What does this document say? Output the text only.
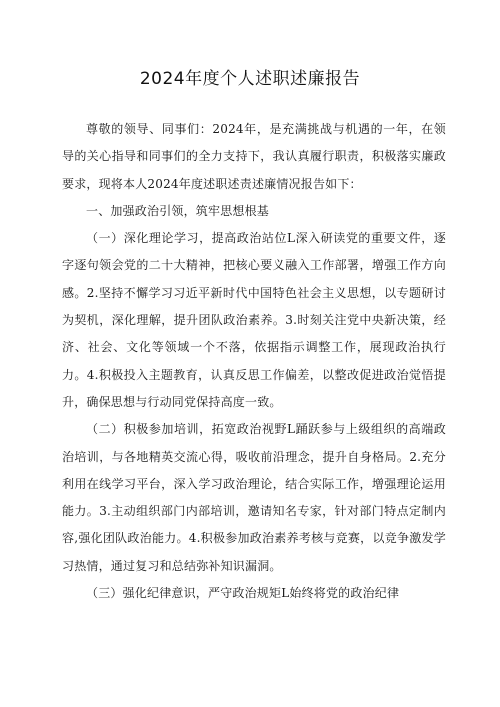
2024年度个人述职述廉报告

尊敬的领导、同事们：2024年，是充满挑战与机遇的一年，在领导的关心指导和同事们的全力支持下，我认真履行职责，积极落实廉政要求，现将本人2024年度述职述责述廉情况报告如下：

一、加强政治引领，筑牢思想根基

（一）深化理论学习，提高政治站位L深入研读党的重要文件，逐字逐句领会党的二十大精神，把核心要义融入工作部署，增强工作方向感。2.坚持不懈学习习近平新时代中国特色社会主义思想，以专题研讨为契机，深化理解，提升团队政治素养。3.时刻关注党中央新决策，经济、社会、文化等领域一个不落，依据指示调整工作，展现政治执行力。4.积极投入主题教育，认真反思工作偏差，以整改促进政治觉悟提升，确保思想与行动同党保持高度一致。

（二）积极参加培训，拓宽政治视野L踊跃参与上级组织的高端政治培训，与各地精英交流心得，吸收前沿理念，提升自身格局。2.充分利用在线学习平台，深入学习政治理论，结合实际工作，增强理论运用能力。3.主动组织部门内部培训，邀请知名专家，针对部门特点定制内容,强化团队政治能力。4.积极参加政治素养考核与竞赛，以竞争激发学习热情，通过复习和总结弥补知识漏洞。

（三）强化纪律意识，严守政治规矩L始终将党的政治纪律
